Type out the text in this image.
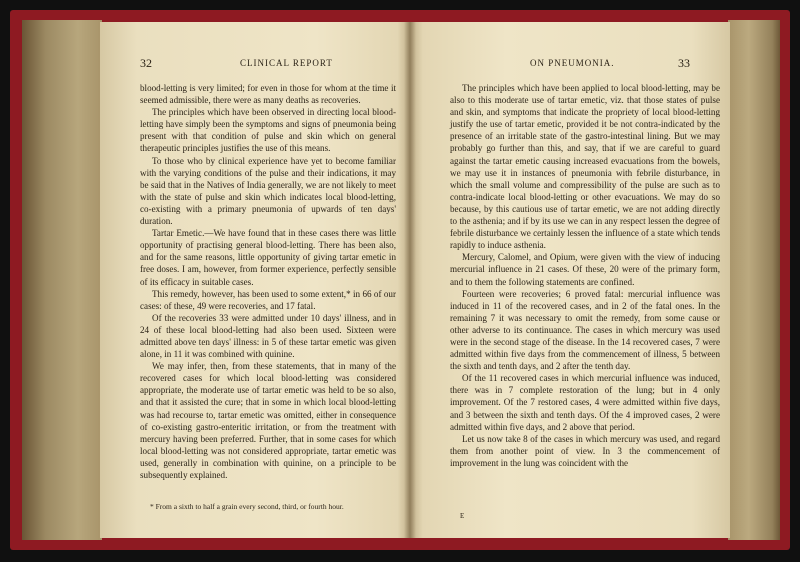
32	CLINICAL REPORT

blood-letting is very limited; for even in those for whom at the time it seemed admissible, there were as many deaths as recoveries.

The principles which have been observed in directing local blood-letting have simply been the symptoms and signs of pneumonia being present with that condition of pulse and skin which on general therapeutic principles justifies the use of this means.

To those who by clinical experience have yet to become familiar with the varying conditions of the pulse and their indications, it may be said that in the Natives of India generally, we are not likely to meet with the state of pulse and skin which indicates local blood-letting, co-existing with a primary pneumonia of upwards of ten days' duration.

Tartar Emetic.—We have found that in these cases there was little opportunity of practising general blood-letting. There has been also, and for the same reasons, little opportunity of giving tartar emetic in free doses. I am, however, from former experience, perfectly sensible of its efficacy in suitable cases.

This remedy, however, has been used to some extent,* in 66 of our cases: of these, 49 were recoveries, and 17 fatal.

Of the recoveries 33 were admitted under 10 days' illness, and in 24 of these local blood-letting had also been used. Sixteen were admitted above ten days' illness: in 5 of these tartar emetic was given alone, in 11 it was combined with quinine.

We may infer, then, from these statements, that in many of the recovered cases for which local blood-letting was considered appropriate, the moderate use of tartar emetic was held to be so also, and that it assisted the cure; that in some in which local blood-letting was had recourse to, tartar emetic was omitted, either in consequence of co-existing gastro-enteritic irritation, or from the treatment with mercury having been preferred. Further, that in some cases for which local blood-letting was not considered appropriate, tartar emetic was used, generally in combination with quinine, on a principle to be subsequently explained.

* From a sixth to half a grain every second, third, or fourth hour.
ON PNEUMONIA.	33

The principles which have been applied to local blood-letting, may be also to this moderate use of tartar emetic, viz. that those states of pulse and skin, and symptoms that indicate the propriety of local blood-letting justify the use of tartar emetic, provided it be not contra-indicated by the presence of an irritable state of the gastro-intestinal lining. But we may probably go further than this, and say, that if we are careful to guard against the tartar emetic causing increased evacuations from the bowels, we may use it in instances of pneumonia with febrile disturbance, in which the small volume and compressibility of the pulse are such as to contra-indicate local blood-letting or other evacuations. We may do so because, by this cautious use of tartar emetic, we are not adding directly to the asthenia; and if by its use we can in any respect lessen the degree of febrile disturbance we certainly lessen the influence of a state which tends rapidly to induce asthenia.

Mercury, Calomel, and Opium, were given with the view of inducing mercurial influence in 21 cases. Of these, 20 were of the primary form, and to them the following statements are confined.

Fourteen were recoveries; 6 proved fatal: mercurial influence was induced in 11 of the recovered cases, and in 2 of the fatal ones. In the remaining 7 it was necessary to omit the remedy, from some cause or other adverse to its continuance. The cases in which mercury was used were in the second stage of the disease. In the 14 recovered cases, 7 were admitted within five days from the commencement of illness, 5 between the sixth and tenth days, and 2 after the tenth day.

Of the 11 recovered cases in which mercurial influence was induced, there was in 7 complete restoration of the lung; but in 4 only improvement. Of the 7 restored cases, 4 were admitted within five days, and 3 between the sixth and tenth days. Of the 4 improved cases, 2 were admitted within five days, and 2 above that period.

Let us now take 8 of the cases in which mercury was used, and regard them from another point of view. In 3 the commencement of improvement in the lung was coincident with the

E
